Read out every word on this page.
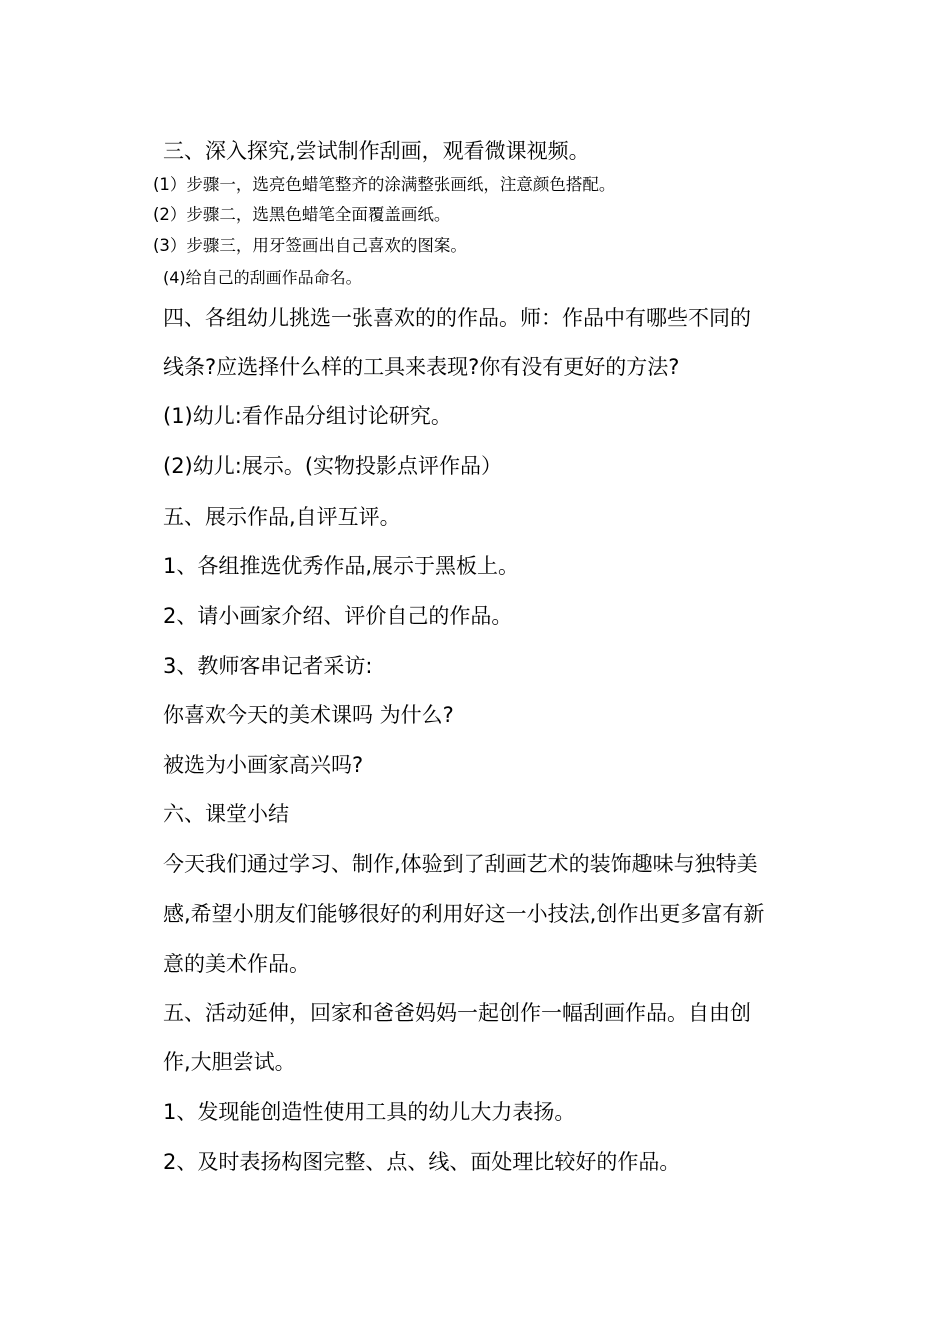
三、深入探究,尝试制作刮画，观看微课视频。
(1）步骤一，选亮色蜡笔整齐的涂满整张画纸，注意颜色搭配。
(2）步骤二，选黑色蜡笔全面覆盖画纸。
(3）步骤三，用牙签画出自己喜欢的图案。
(4)给自己的刮画作品命名。
四、各组幼儿挑选一张喜欢的的作品。师：作品中有哪些不同的
线条?应选择什么样的工具来表现?你有没有更好的方法?
(1)幼儿:看作品分组讨论研究。
(2)幼儿:展示。(实物投影点评作品）
五、展示作品,自评互评。
1、各组推选优秀作品,展示于黑板上。
2、请小画家介绍、评价自己的作品。
3、教师客串记者采访:
你喜欢今天的美术课吗 为什么?
被选为小画家高兴吗?
六、课堂小结
今天我们通过学习、制作,体验到了刮画艺术的装饰趣味与独特美
感,希望小朋友们能够很好的利用好这一小技法,创作出更多富有新
意的美术作品。
五、活动延伸，回家和爸爸妈妈一起创作一幅刮画作品。自由创
作,大胆尝试。
1、发现能创造性使用工具的幼儿大力表扬。
2、及时表扬构图完整、点、线、面处理比较好的作品。
